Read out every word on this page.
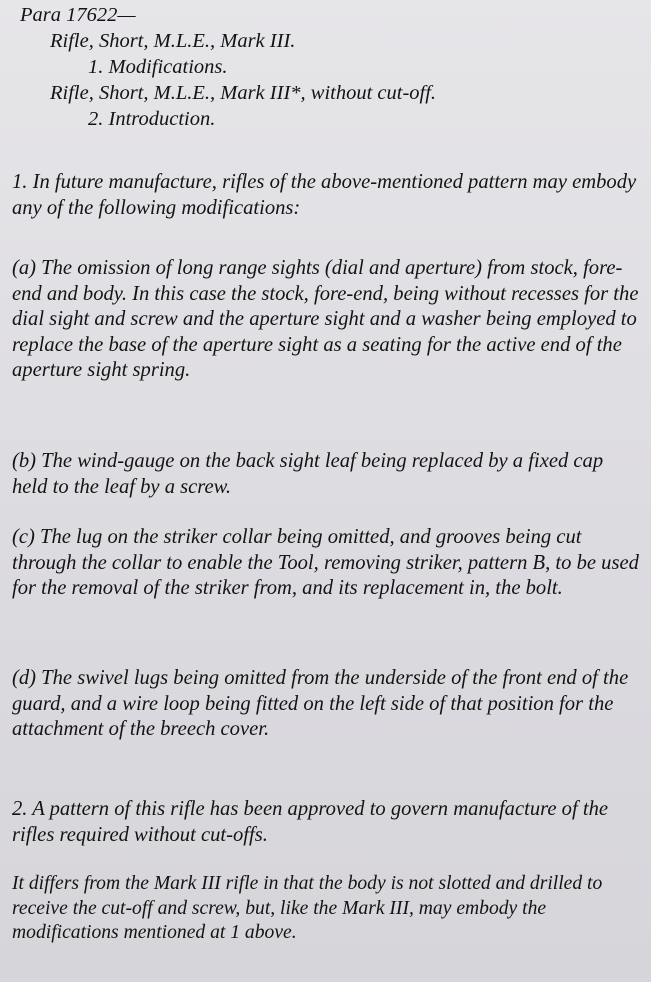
Para 17622—
Rifle, Short, M.L.E., Mark III.
1. Modifications.
Rifle, Short, M.L.E., Mark III*, without cut-off.
2. Introduction.

1. In future manufacture, rifles of the above-mentioned pattern may embody any of the following modifications:

(a) The omission of long range sights (dial and aperture) from stock, fore-end and body. In this case the stock, fore-end, being without recesses for the dial sight and screw and the aperture sight and a washer being employed to replace the base of the aperture sight as a seating for the active end of the aperture sight spring.

(b) The wind-gauge on the back sight leaf being replaced by a fixed cap held to the leaf by a screw.

(c) The lug on the striker collar being omitted, and grooves being cut through the collar to enable the Tool, removing striker, pattern B, to be used for the removal of the striker from, and its replacement in, the bolt.

(d) The swivel lugs being omitted from the underside of the front end of the guard, and a wire loop being fitted on the left side of that position for the attachment of the breech cover.

2. A pattern of this rifle has been approved to govern manufacture of the rifles required without cut-offs.

It differs from the Mark III rifle in that the body is not slotted and drilled to receive the cut-off and screw, but, like the Mark III, may embody the modifications mentioned at 1 above.
